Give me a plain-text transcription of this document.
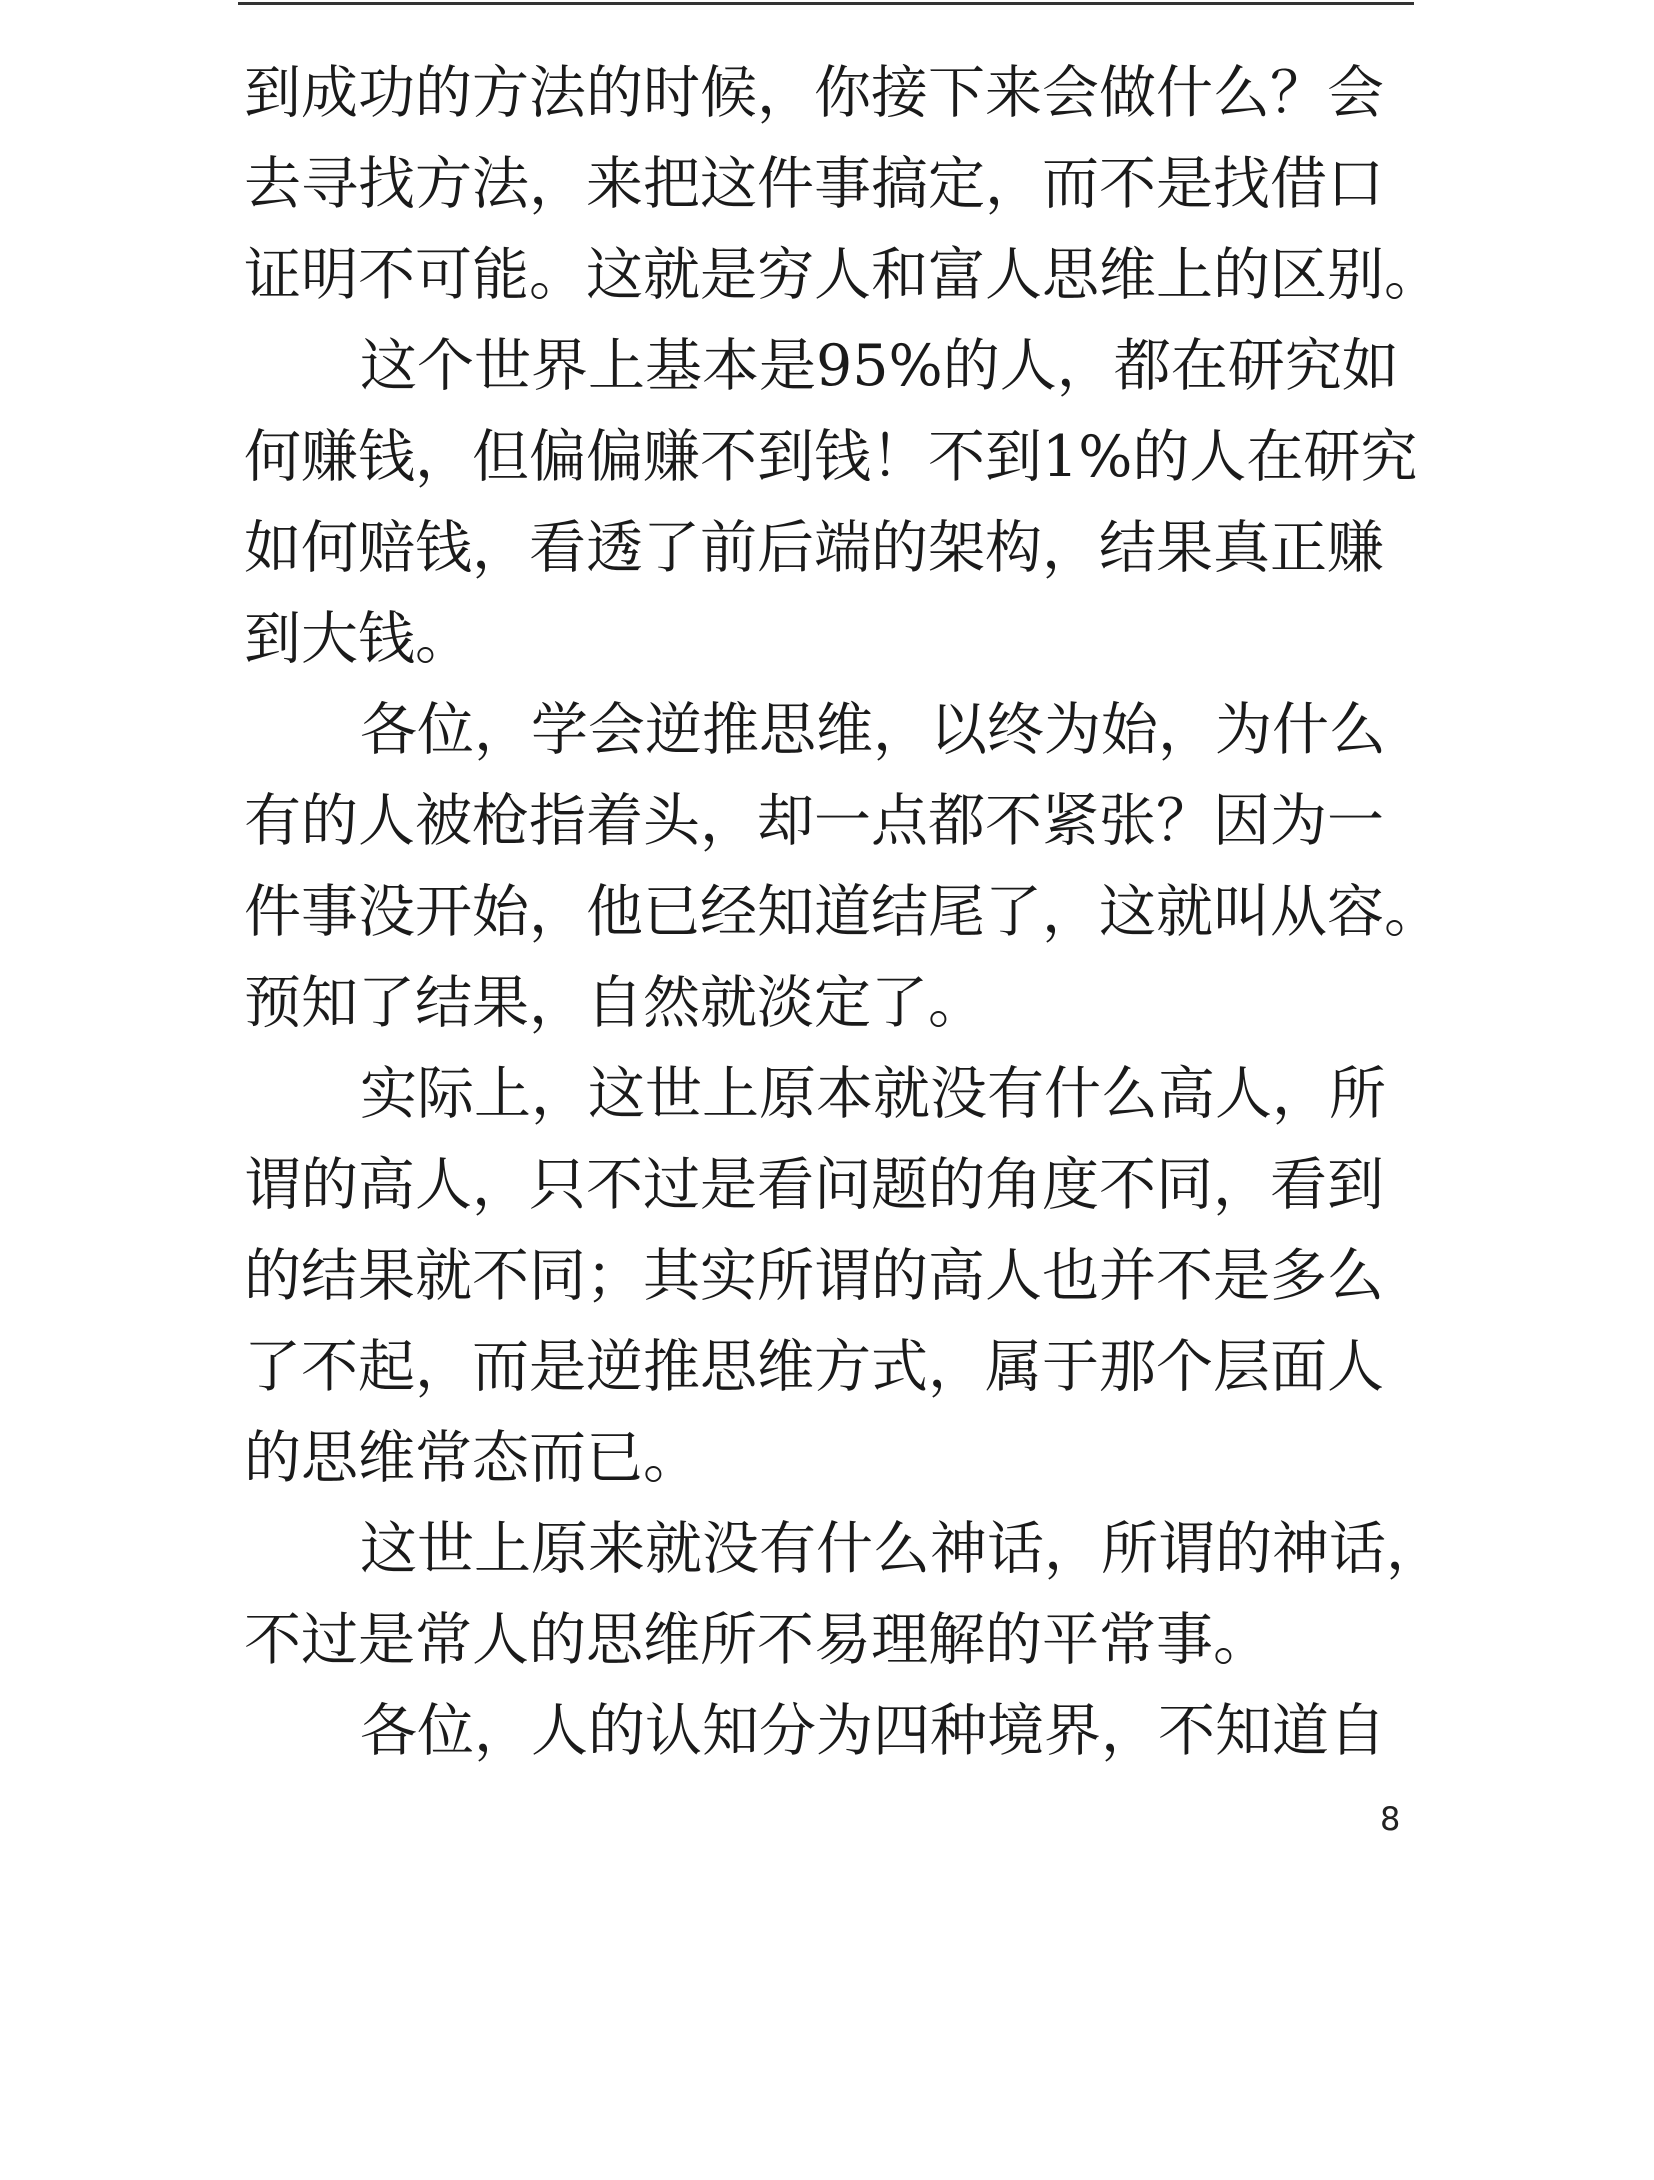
到成功的方法的时候，你接下来会做什么？会
去寻找方法，来把这件事搞定，而不是找借口
证明不可能。这就是穷人和富人思维上的区别。
这个世界上基本是95%的人，都在研究如
何赚钱，但偏偏赚不到钱！不到1%的人在研究
如何赔钱，看透了前后端的架构，结果真正赚
到大钱。
各位，学会逆推思维，以终为始，为什么
有的人被枪指着头，却一点都不紧张？因为一
件事没开始，他已经知道结尾了，这就叫从容。
预知了结果，自然就淡定了。
实际上，这世上原本就没有什么高人，所
谓的高人，只不过是看问题的角度不同，看到
的结果就不同；其实所谓的高人也并不是多么
了不起，而是逆推思维方式，属于那个层面人
的思维常态而已。
这世上原来就没有什么神话，所谓的神话，
不过是常人的思维所不易理解的平常事。
各位，人的认知分为四种境界，不知道自
8
